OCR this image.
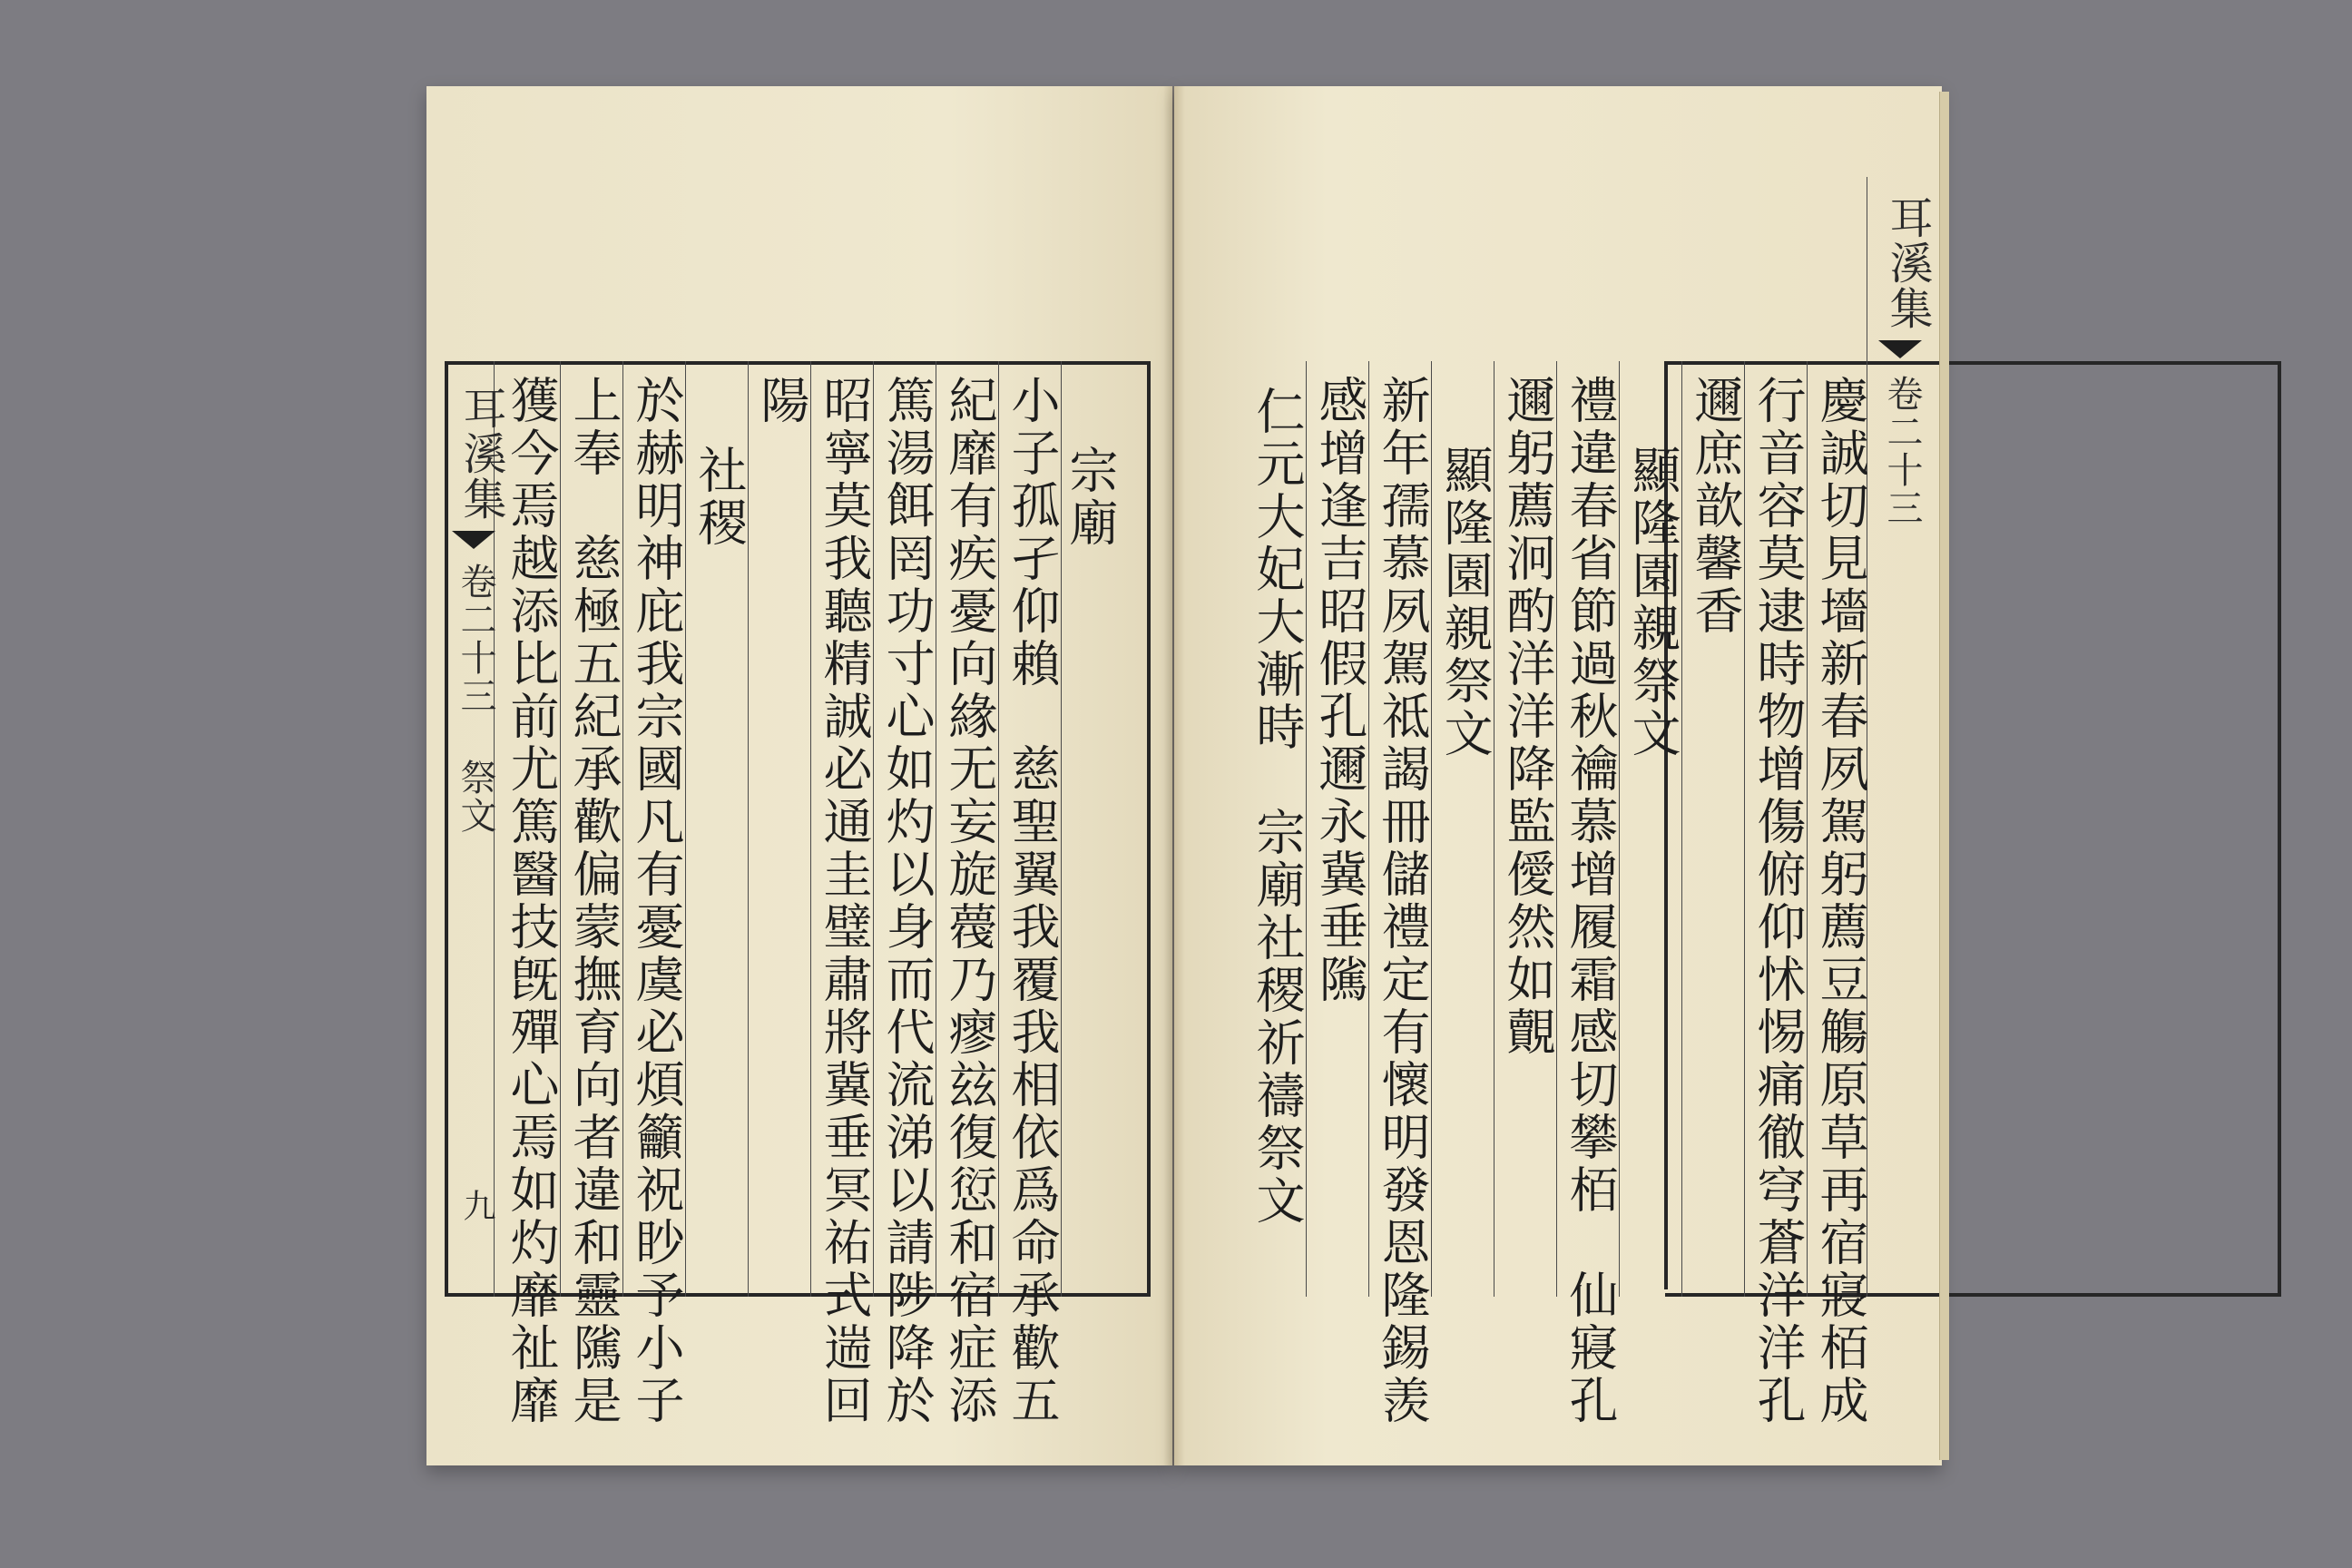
耳溪集
卷二十三 祭文
九
宗廟
小子孤孑仰賴　慈聖翼我覆我相依爲命承歡五
紀靡有疾憂向緣无妄旋薎乃瘳玆復愆和宿症添
篤湯餌罔功寸心如灼以身而代流涕以請陟降於
昭寧莫我聽精誠必通圭璧肅將冀垂冥祐式遄回
陽
社稷
於赫明神庇我宗國凡有憂虞必煩籲祝眇予小子
上奉　慈極五紀承歡偏蒙撫育向者違和靈隲是
獲今焉越添比前尤篤醫技旣殫心焉如灼靡祉靡
耳溪集
卷二十三
慶誠切見墻新春夙駕躬薦豆觴原草再宿寢栢成
行音容莫逮時物增傷俯仰怵惕痛徹穹蒼洋洋孔
邇庶歆馨香
顯隆園親祭文
禮違春省節過秋禴慕增履霜感切攀栢　仙寢孔
邇躬薦泂酌洋洋降監僾然如覿
顯隆園親祭文
新年孺慕夙駕祗謁冊儲禮定有懷明發恩隆錫羡
感增逢吉昭假孔邇永冀垂隲
仁元大妃大漸時　宗廟社稷祈禱祭文
